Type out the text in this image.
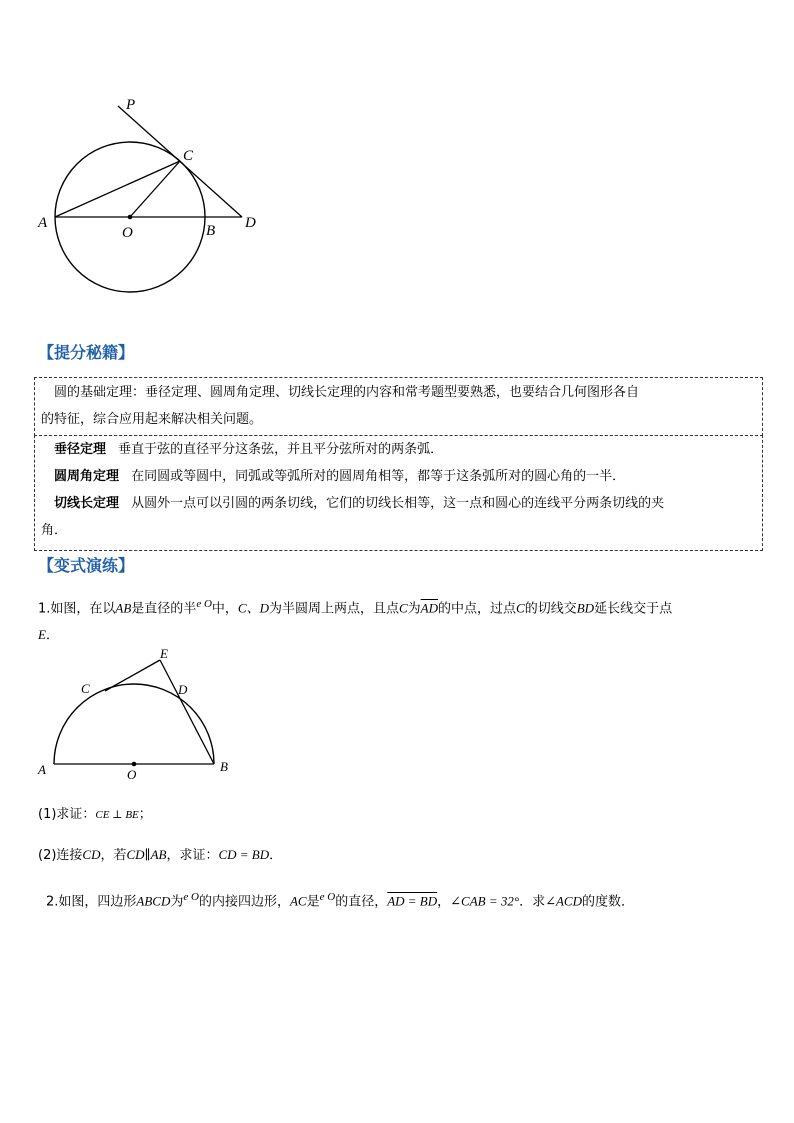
P
C
A
O	B D
【提分秘籍】

圆的基础定理：垂径定理、圆周角定理、切线长定理的内容和常考题型要熟悉，也要结合几何图形各自

的特征，综合应用起来解决相关问题。

垂径定理 垂直于弦的直径平分这条弦，并且平分弦所对的两条弧．

圆周角定理 在同圆或等圆中，同弧或等弧所对的圆周角相等，都等于这条弧所对的圆心角的一半．

切线长定理 从圆外一点可以引圆的两条切线，它们的切线长相等，这一点和圆心的连线平分两条切线的夹

角．

【变式演练】
1.如图，在以AB是直径的半$^{e O}$中，C、D为半圆周上两点，且点C为$\overline{AD}$的中点，过点C的切线交BD延长线交于点
E．
E
C	D
A	O
B
(1)求证：CE ⊥ BE；
(2)连接CD，若CD∥AB，求证：CD = BD．
2.如图，四边形ABCD为$^{e O}$的内接四边形，AC是$^{e O}$的直径，AD = BD，∠CAB = 32°．求∠ACD的度数．
